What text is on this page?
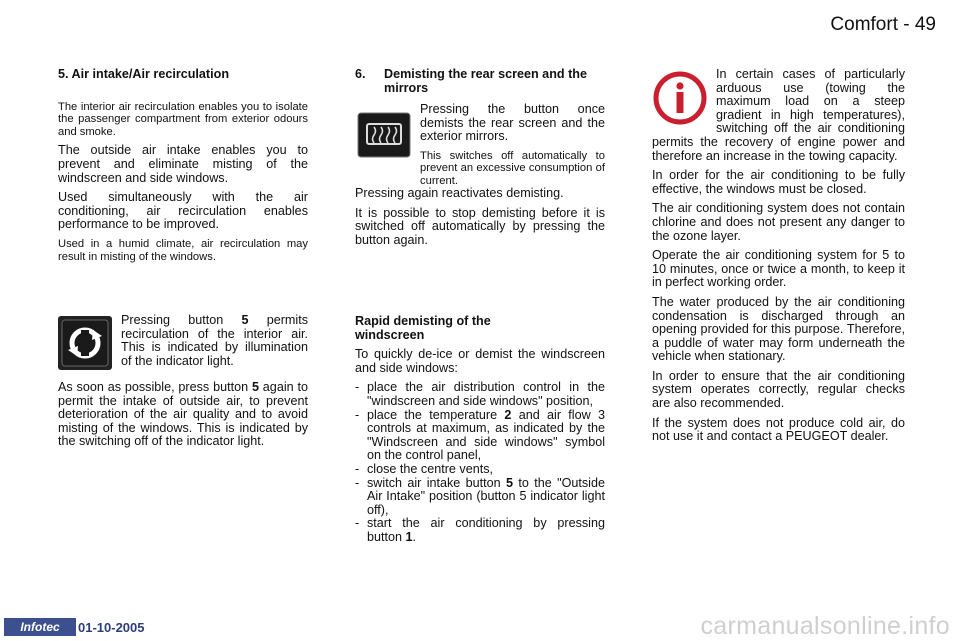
Comfort - 49
5. Air intake/Air recirculation

The interior air recirculation enables you to isolate the passenger compartment from exterior odours and smoke.

The outside air intake enables you to prevent and eliminate misting of the windscreen and side windows.

Used simultaneously with the air conditioning, air recirculation enables performance to be improved.

Used in a humid climate, air recirculation may result in misting of the windows.

Pressing button 5 permits recirculation of the interior air. This is indicated by illumination of the indicator light.

As soon as possible, press button 5 again to permit the intake of outside air, to prevent deterioration of the air quality and to avoid misting of the windows. This is indicated by the switching off of the indicator light.

6.	Demisting the rear screen and the mirrors

Pressing the button once demists the rear screen and the exterior mirrors.

This switches off automatically to prevent an excessive consumption of current.

Pressing again reactivates demisting.

It is possible to stop demisting before it is switched off automatically by pressing the button again.

Rapid demisting of the windscreen

To quickly de-ice or demist the windscreen and side windows:

- place the air distribution control in the "windscreen and side windows" position,
- place the temperature 2 and air flow 3 controls at maximum, as indicated by the "Windscreen and side windows" symbol on the control panel,
- close the centre vents,
- switch air intake button 5 to the "Outside Air Intake" position (button 5 indicator light off),
- start the air conditioning by pressing button 1.

In certain cases of particularly arduous use (towing the maximum load on a steep gradient in high temperatures), switching off the air conditioning permits the recovery of engine power and therefore an increase in the towing capacity.

In order for the air conditioning to be fully effective, the windows must be closed.

The air conditioning system does not contain chlorine and does not present any danger to the ozone layer.

Operate the air conditioning system for 5 to 10 minutes, once or twice a month, to keep it in perfect working order.

The water produced by the air conditioning condensation is discharged through an opening provided for this purpose. Therefore, a puddle of water may form underneath the vehicle when stationary.

In order to ensure that the air conditioning system operates correctly, regular checks are also recommended.

If the system does not produce cold air, do not use it and contact a PEUGEOT dealer.

Infotec	01-10-2005	carmanualsonline.info
